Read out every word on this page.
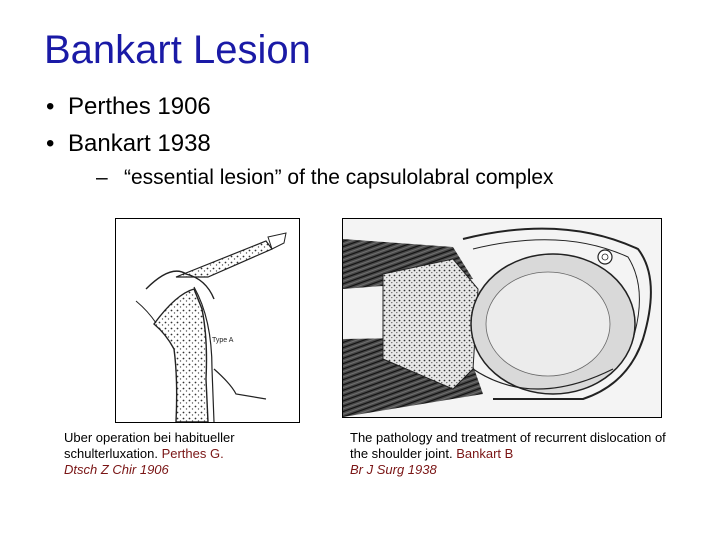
Bankart Lesion
• Perthes 1906
• Bankart 1938
– “essential lesion” of the capsulolabral complex
Type A
Uber operation bei habitueller schulterluxation. Perthes G.
Dtsch Z Chir 1906
The pathology and treatment of recurrent dislocation of the shoulder joint. Bankart B
Br J Surg 1938
